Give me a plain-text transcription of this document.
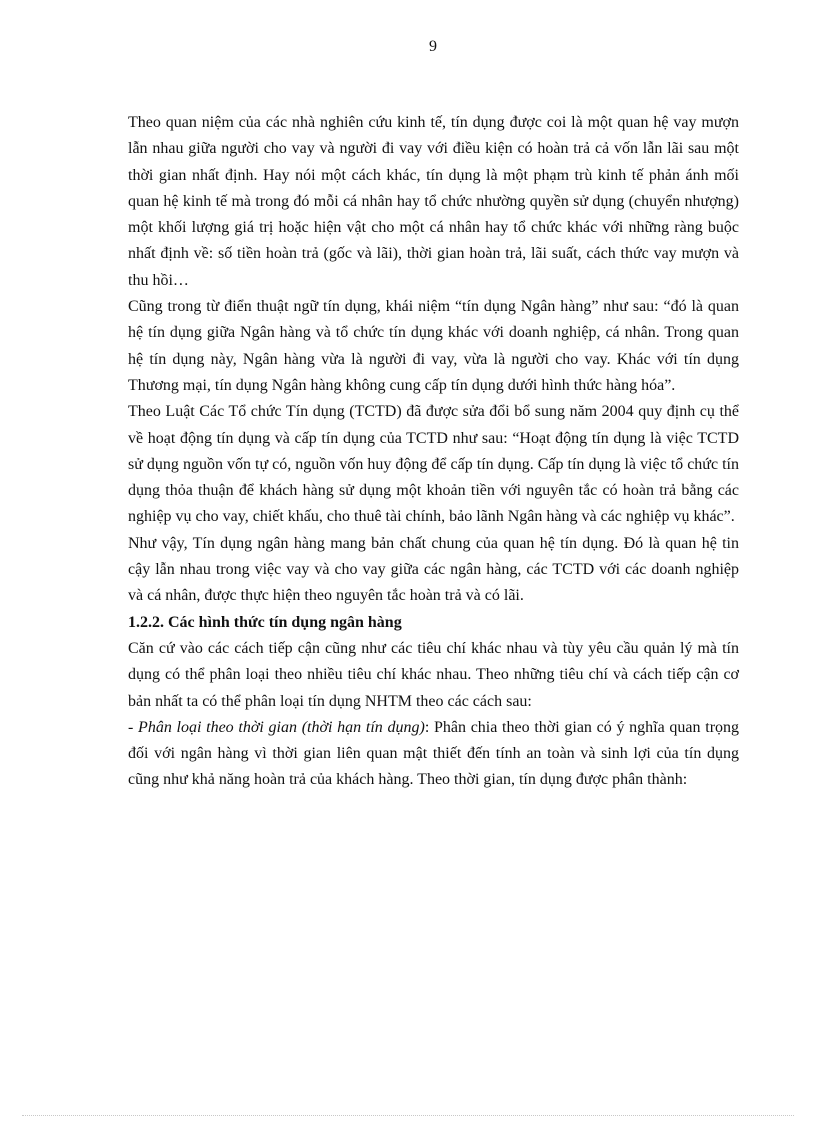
9

Theo quan niệm của các nhà nghiên cứu kinh tế, tín dụng được coi là một quan hệ vay mượn lẫn nhau giữa người cho vay và người đi vay với điều kiện có hoàn trả cả vốn lẫn lãi sau một thời gian nhất định. Hay nói một cách khác, tín dụng là một phạm trù kinh tế phản ánh mối quan hệ kinh tế mà trong đó mỗi cá nhân hay tổ chức nhường quyền sử dụng (chuyển nhượng) một khối lượng giá trị hoặc hiện vật cho một cá nhân hay tổ chức khác với những ràng buộc nhất định về: số tiền hoàn trả (gốc và lãi), thời gian hoàn trả, lãi suất, cách thức vay mượn và thu hồi…

Cũng trong từ điển thuật ngữ tín dụng, khái niệm “tín dụng Ngân hàng” như sau: “đó là quan hệ tín dụng giữa Ngân hàng và tổ chức tín dụng khác với doanh nghiệp, cá nhân. Trong quan hệ tín dụng này, Ngân hàng vừa là người đi vay, vừa là người cho vay. Khác với tín dụng Thương mại, tín dụng Ngân hàng không cung cấp tín dụng dưới hình thức hàng hóa”.

Theo Luật Các Tổ chức Tín dụng (TCTD) đã được sửa đổi bổ sung năm 2004 quy định cụ thể về hoạt động tín dụng và cấp tín dụng của TCTD như sau: “Hoạt động tín dụng là việc TCTD sử dụng nguồn vốn tự có, nguồn vốn huy động để cấp tín dụng. Cấp tín dụng là việc tổ chức tín dụng thỏa thuận để khách hàng sử dụng một khoản tiền với nguyên tắc có hoàn trả bằng các nghiệp vụ cho vay, chiết khấu, cho thuê tài chính, bảo lãnh Ngân hàng và các nghiệp vụ khác”.

Như vậy, Tín dụng ngân hàng mang bản chất chung của quan hệ tín dụng. Đó là quan hệ tin cậy lẫn nhau trong việc vay và cho vay giữa các ngân hàng, các TCTD với các doanh nghiệp và cá nhân, được thực hiện theo nguyên tắc hoàn trả và có lãi.

1.2.2. Các hình thức tín dụng ngân hàng

Căn cứ vào các cách tiếp cận cũng như các tiêu chí khác nhau và tùy yêu cầu quản lý mà tín dụng có thể phân loại theo nhiều tiêu chí khác nhau. Theo những tiêu chí và cách tiếp cận cơ bản nhất ta có thể phân loại tín dụng NHTM theo các cách sau:

- Phân loại theo thời gian (thời hạn tín dụng): Phân chia theo thời gian có ý nghĩa quan trọng đối với ngân hàng vì thời gian liên quan mật thiết đến tính an toàn và sinh lợi của tín dụng cũng như khả năng hoàn trả của khách hàng. Theo thời gian, tín dụng được phân thành:
